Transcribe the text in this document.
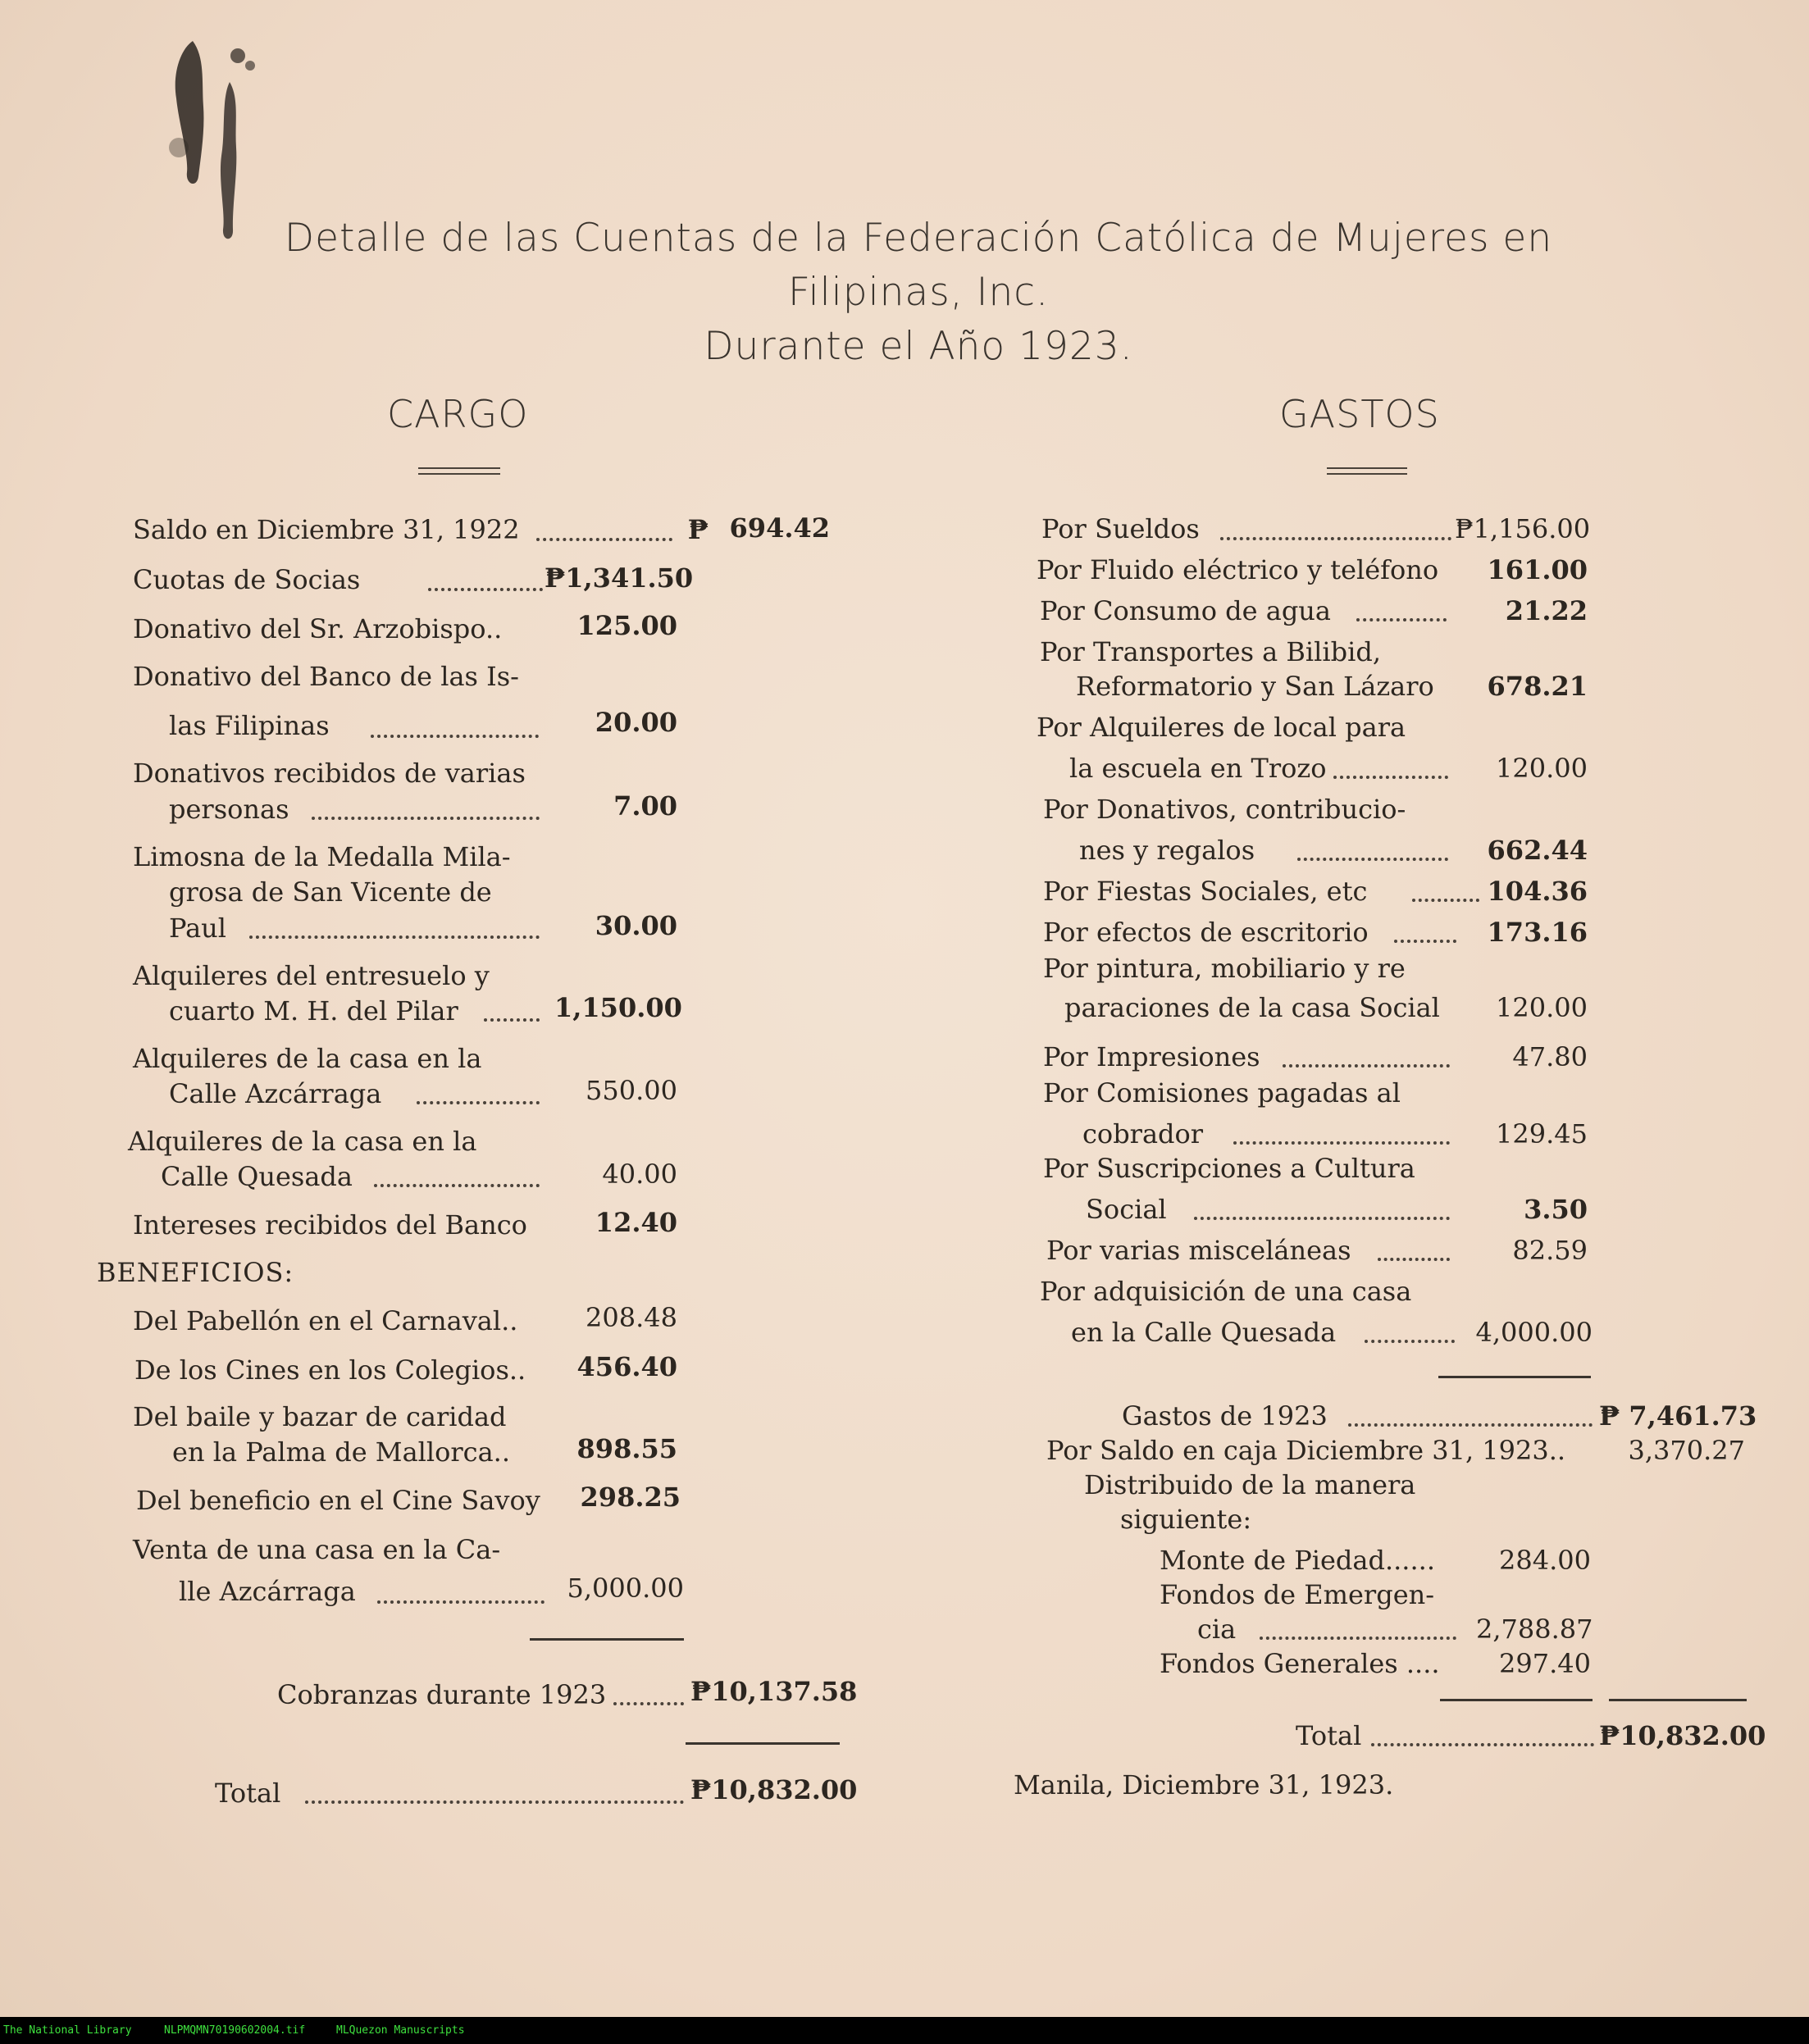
Detalle de las Cuentas de la Federación Católica de Mujeres en
Filipinas, Inc.
Durante el Año 1923.
CARGO	GASTOS
Saldo en Diciembre 31, 1922	₱ 694.42
Cuotas de Socias	₱1,341.50
Donativo del Sr. Arzobispo..	125.00
Donativo del Banco de las Is-
las Filipinas	20.00
Donativos recibidos de varias
personas	7.00
Limosna de la Medalla Mila-
grosa de San Vicente de
Paul	30.00
Alquileres del entresuelo y
cuarto M. H. del Pilar	1,150.00
Alquileres de la casa en la
Calle Azcárraga	550.00
Alquileres de la casa en la
Calle Quesada	40.00
Intereses recibidos del Banco	12.40
BENEFICIOS:
Del Pabellón en el Carnaval..	208.48
De los Cines en los Colegios..	456.40
Del baile y bazar de caridad
en la Palma de Mallorca..	898.55
Del beneficio en el Cine Savoy	298.25
Venta de una casa en la Ca-
lle Azcárraga	5,000.00
Cobranzas durante 1923	₱10,137.58
Total	₱10,832.00
Por Sueldos	₱1,156.00
Por Fluido eléctrico y teléfono 161.00
Por Consumo de agua	21.22
Por Transportes a Bilibid,
Reformatorio y San Lázaro 678.21
Por Alquileres de local para
la escuela en Trozo	120.00
Por Donativos, contribucio-
nes y regalos	662.44
Por Fiestas Sociales, etc	104.36
Por efectos de escritorio	173.16
Por pintura, mobiliario y re
paraciones de la casa Social	120.00
Por Impresiones	47.80
Por Comisiones pagadas al
cobrador	129.45
Por Suscripciones a Cultura
Social	3.50
Por varias misceláneas	82.59
Por adquisición de una casa
en la Calle Quesada	4,000.00
Gastos de 1923	₱ 7,461.73
Por Saldo en caja Diciembre 31, 1923.. 3,370.27
Distribuido de la manera
siguiente:
Monte de Piedad......	284.00
Fondos de Emergen-
cia	2,788.87
Fondos Generales ....	297.40
Total	₱10,832.00
Manila, Diciembre 31, 1923.
The National Library	NLPMQMN70190602004.tif	MLQuezon Manuscripts
